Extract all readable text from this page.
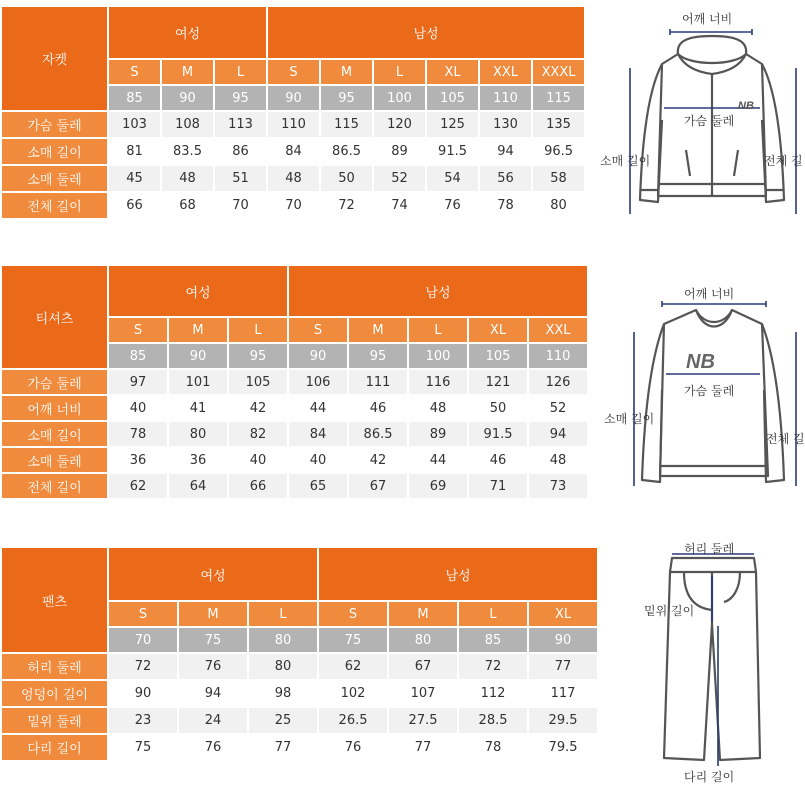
자켓	여성			남성					
	S	M	L	S	M	L	XL	XXL	XXXL
	85	90	95	90	95	100	105	110	115
가슴 둘레	103	108	113	110	115	120	125	130	135
소매 길이	81	83.5	86	84	86.5	89	91.5	94	96.5
소매 둘레	45	48	51	48	50	52	54	56	58
전체 길이	66	68	70	70	72	74	76	78	80
티셔츠	여성			남성				
	S	M	L	S	M	L	XL	XXL
	85	90	95	90	95	100	105	110
가슴 둘레	97	101	105	106	111	116	121	126
어깨 너비	40	41	42	44	46	48	50	52
소매 길이	78	80	82	84	86.5	89	91.5	94
소매 둘레	36	36	40	40	42	44	46	48
전체 길이	62	64	66	65	67	69	71	73
팬츠	여성			남성			
	S	M	L	S	M	L	XL
	70	75	80	75	80	85	90
허리 둘레	72	76	80	62	67	72	77
엉덩이 길이	90	94	98	102	107	112	117
밑위 둘레	23	24	25	26.5	27.5	28.5	29.5
다리 길이	75	76	77	76	77	78	79.5
NB
어깨 너비
가슴 둘레
소매 길이	전체 길
NB
어깨 너비
가슴 둘레
소매 길이
전체 길
허리 둘레
밑위 길이
다리 길이
